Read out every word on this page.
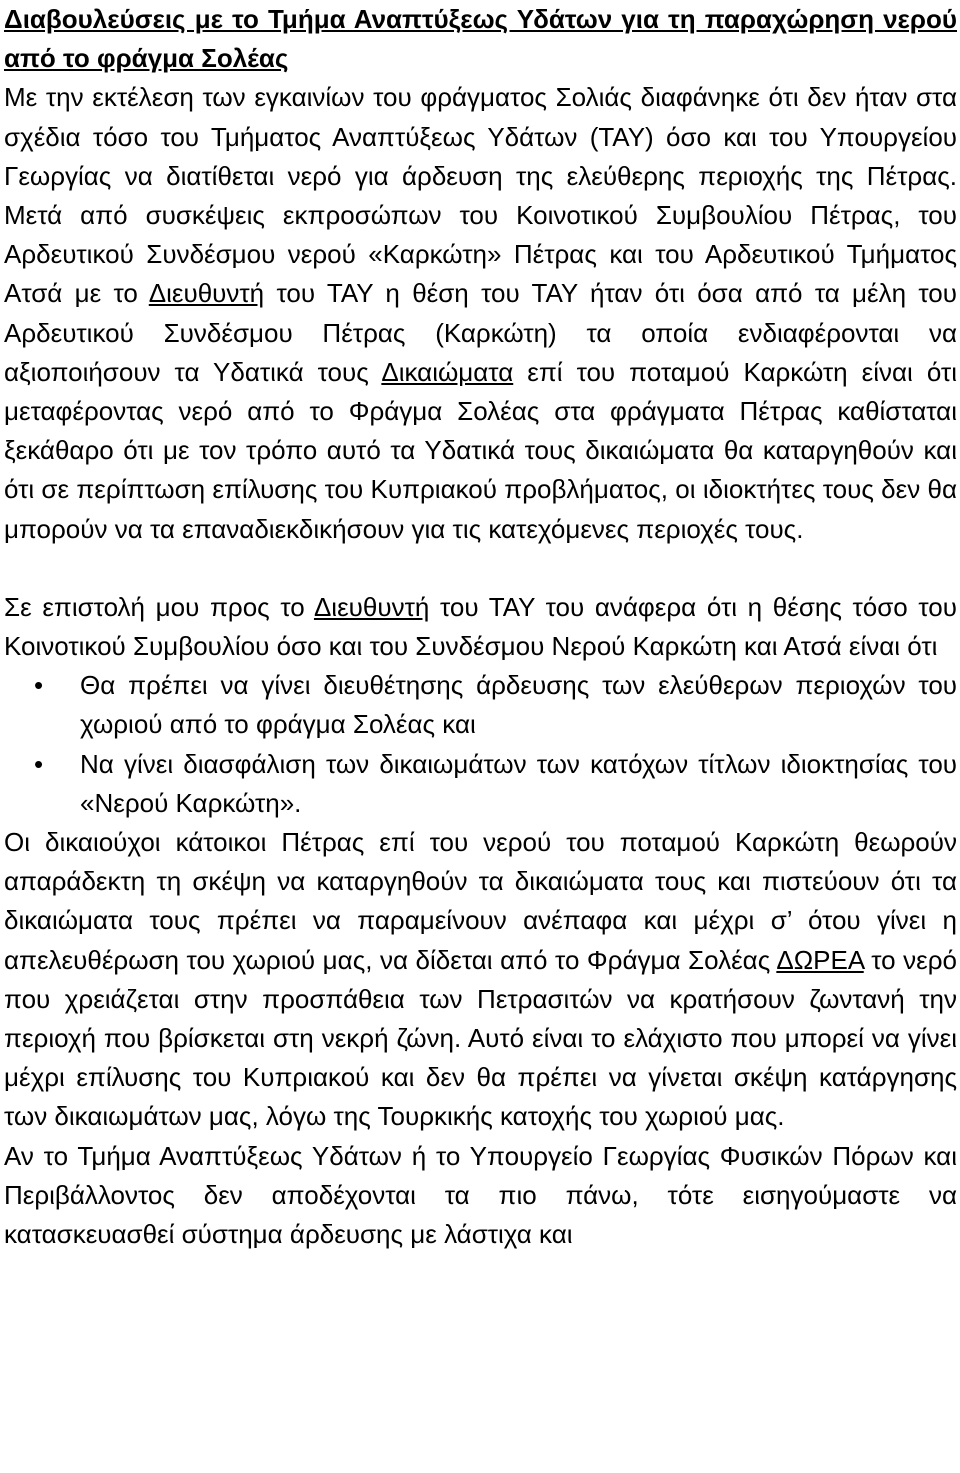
Διαβουλεύσεις με το Τμήμα Αναπτύξεως Υδάτων για τη παραχώρηση νερού από το φράγμα Σολέας

Με την εκτέλεση των εγκαινίων του φράγματος Σολιάς διαφάνηκε ότι δεν ήταν στα σχέδια τόσο του Τμήματος Αναπτύξεως Υδάτων (ΤΑΥ) όσο και του Υπουργείου Γεωργίας να διατίθεται νερό για άρδευση της ελεύθερης περιοχής της Πέτρας. Μετά από συσκέψεις εκπροσώπων του Κοινοτικού Συμβουλίου Πέτρας, του Αρδευτικού Συνδέσμου νερού «Καρκώτη» Πέτρας και του Αρδευτικού Τμήματος Ατσά με το Διευθυντή του ΤΑΥ η θέση του ΤΑΥ ήταν ότι όσα από τα μέλη του Αρδευτικού Συνδέσμου Πέτρας (Καρκώτη) τα οποία ενδιαφέρονται να αξιοποιήσουν τα Υδατικά τους Δικαιώματα επί του ποταμού Καρκώτη είναι ότι μεταφέροντας νερό από το Φράγμα Σολέας στα φράγματα Πέτρας καθίσταται ξεκάθαρο ότι με τον τρόπο αυτό τα Υδατικά τους δικαιώματα θα καταργηθούν και ότι σε περίπτωση επίλυσης του Κυπριακού προβλήματος, οι ιδιοκτήτες τους δεν θα μπορούν να τα επαναδιεκδικήσουν για τις κατεχόμενες περιοχές τους.

Σε επιστολή μου προς το Διευθυντή του ΤΑΥ του ανάφερα ότι η θέσης τόσο του Κοινοτικού Συμβουλίου όσο και του Συνδέσμου Νερού Καρκώτη και Ατσά είναι ότι

•	Θα πρέπει να γίνει διευθέτησης άρδευσης των ελεύθερων περιοχών του χωριού από το φράγμα Σολέας και
•	Να γίνει διασφάλιση των δικαιωμάτων των κατόχων τίτλων ιδιοκτησίας του «Νερού Καρκώτη».

Οι δικαιούχοι κάτοικοι Πέτρας επί του νερού του ποταμού Καρκώτη θεωρούν απαράδεκτη τη σκέψη να καταργηθούν τα δικαιώματα τους και πιστεύουν ότι τα δικαιώματα τους πρέπει να παραμείνουν ανέπαφα και μέχρι σ’ ότου γίνει η απελευθέρωση του χωριού μας, να δίδεται από το Φράγμα Σολέας ΔΩΡΕΑ το νερό που χρειάζεται στην προσπάθεια των Πετρασιτών να κρατήσουν ζωντανή την περιοχή που βρίσκεται στη νεκρή ζώνη. Αυτό είναι το ελάχιστο που μπορεί να γίνει μέχρι επίλυσης του Κυπριακού και δεν θα πρέπει να γίνεται σκέψη κατάργησης των δικαιωμάτων μας, λόγω της Τουρκικής κατοχής του χωριού μας.

Αν το Τμήμα Αναπτύξεως Υδάτων ή το Υπουργείο Γεωργίας Φυσικών Πόρων και Περιβάλλοντος δεν αποδέχονται τα πιο πάνω, τότε εισηγούμαστε να κατασκευασθεί σύστημα άρδευσης με λάστιχα και
